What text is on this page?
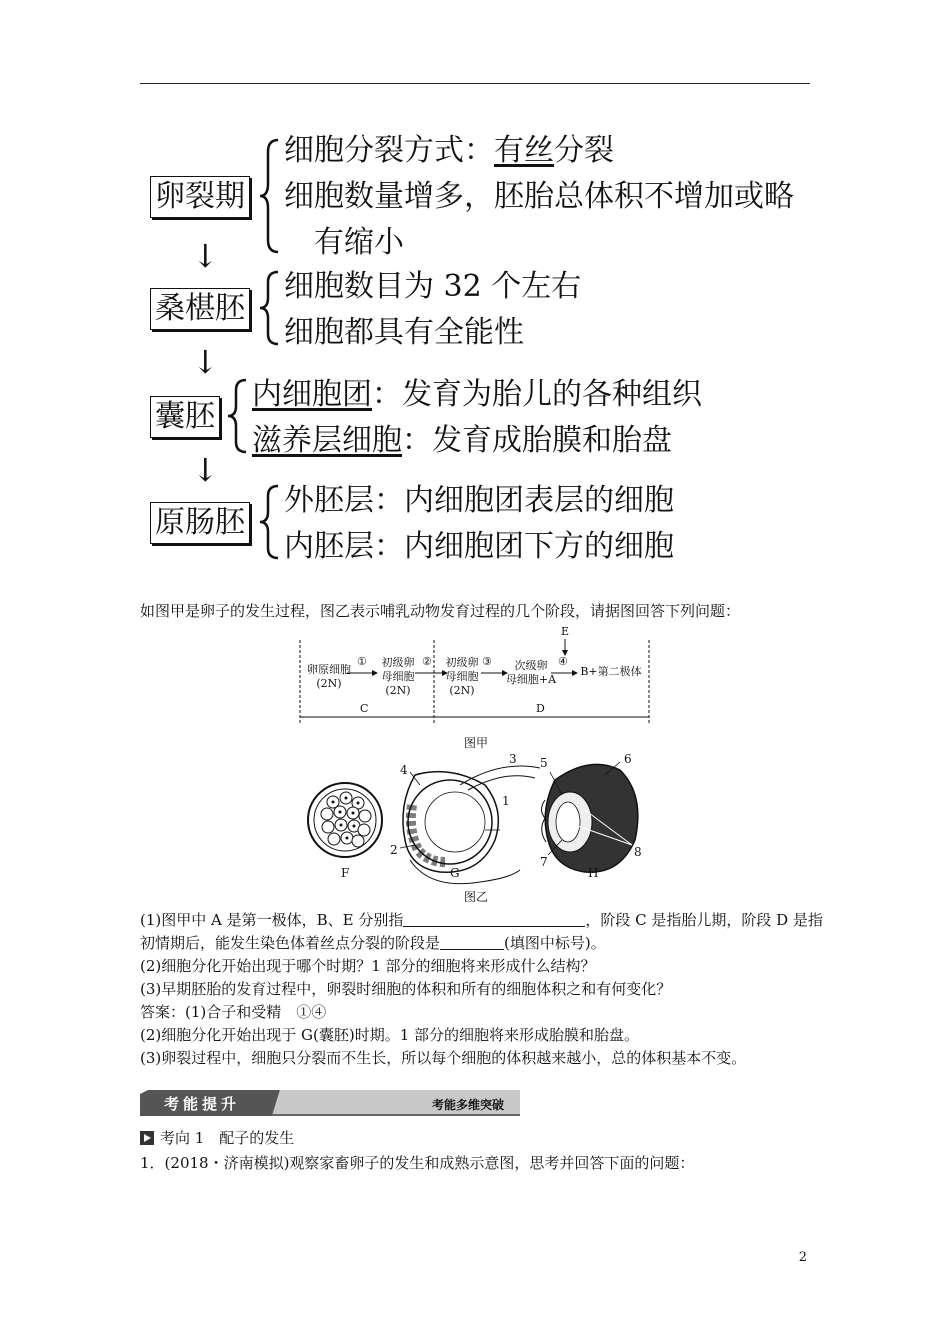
卵裂期
细胞分裂方式：有丝分裂
细胞数量增多，胚胎总体积不增加或略
有缩小
↓
桑椹胚
细胞数目为 32 个左右
细胞都具有全能性
↓
囊胚
内细胞团：发育为胎儿的各种组织
滋养层细胞：发育成胎膜和胎盘
↓
原肠胚
外胚层：内细胞团表层的细胞
内胚层：内细胞团下方的细胞
如图甲是卵子的发生过程，图乙表示哺乳动物发育过程的几个阶段，请据图回答下列问题：
卵原细胞
(2N)
初级卵
母细胞
(2N)
初级卵
母细胞
(2N)
次级卵
母细胞+A
B+第二极体
①	②	③	④
E
C	D
图甲
1
2
3
4	5	6
7
8
F	G	H
图乙
(1)图甲中 A 是第一极体，B、E 分别指	，阶段 C 是指胎儿期，阶段 D 是指
初情期后，能发生染色体着丝点分裂的阶段是	(填图中标号)。
(2)细胞分化开始出现于哪个时期？1 部分的细胞将来形成什么结构？
(3)早期胚胎的发育过程中，卵裂时细胞的体积和所有的细胞体积之和有何变化？
答案：(1)合子和受精　①④
(2)细胞分化开始出现于 G(囊胚)时期。1 部分的细胞将来形成胎膜和胎盘。
(3)卵裂过程中，细胞只分裂而不生长，所以每个细胞的体积越来越小，总的体积基本不变。
考能提升	考能多维突破
考向 1　配子的发生
1．(2018・济南模拟)观察家畜卵子的发生和成熟示意图，思考并回答下面的问题：
2
